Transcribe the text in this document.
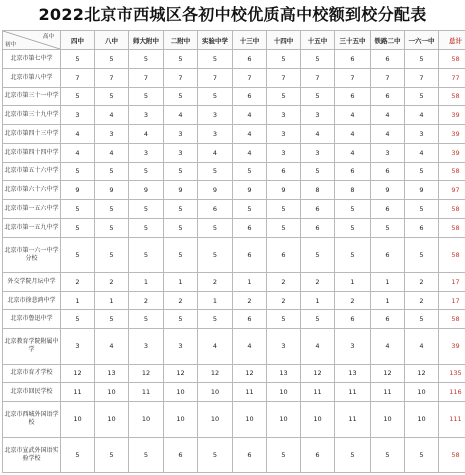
2022北京市西城区各初中校优质高中校额到校分配表
高中
初中	四中	八中	师大附中	二附中	实验中学	十三中	十四中	十五中	三十五中	铁路二中	一六一中	总计
北京市第七中学	5	5	5	5	5	6	5	5	6	6	5	58
北京市第八中学	7	7	7	7	7	7	7	7	7	7	7	77
北京市第三十一中学	5	5	5	5	5	6	5	5	6	6	5	58
北京市第三十九中学	3	4	3	4	3	4	3	3	4	4	4	39
北京市第四十三中学	4	3	4	3	3	4	3	4	4	4	3	39
北京市第四十四中学	4	4	3	3	4	4	3	3	4	3	4	39
北京市第五十六中学	5	5	5	5	5	5	6	5	6	6	5	58
北京市第六十六中学	9	9	9	9	9	9	9	8	8	9	9	97
北京市第一五六中学	5	5	5	5	6	5	5	6	5	6	5	58
北京市第一五九中学	5	5	5	5	5	6	5	6	5	5	6	58
北京市第一六一中学分校	5	5	5	5	5	6	6	5	5	6	5	58
外交学院月坛中学	2	2	1	1	2	1	2	2	1	1	2	17
北京市徐悲鸿中学	1	1	2	2	1	2	2	1	2	1	2	17
北京市鲁迅中学	5	5	5	5	5	6	5	5	6	6	5	58
北京教育学院附属中学	3	4	3	3	4	4	3	4	3	4	4	39
北京市育才学校	12	13	12	12	12	12	13	12	13	12	12	135
北京市回民学校	11	10	11	10	10	11	10	11	11	11	10	116
北京市西城外国语学校	10	10	10	10	10	10	10	10	11	10	10	111
北京市宣武外国语实验学校	5	5	5	6	5	6	5	6	5	5	5	58
